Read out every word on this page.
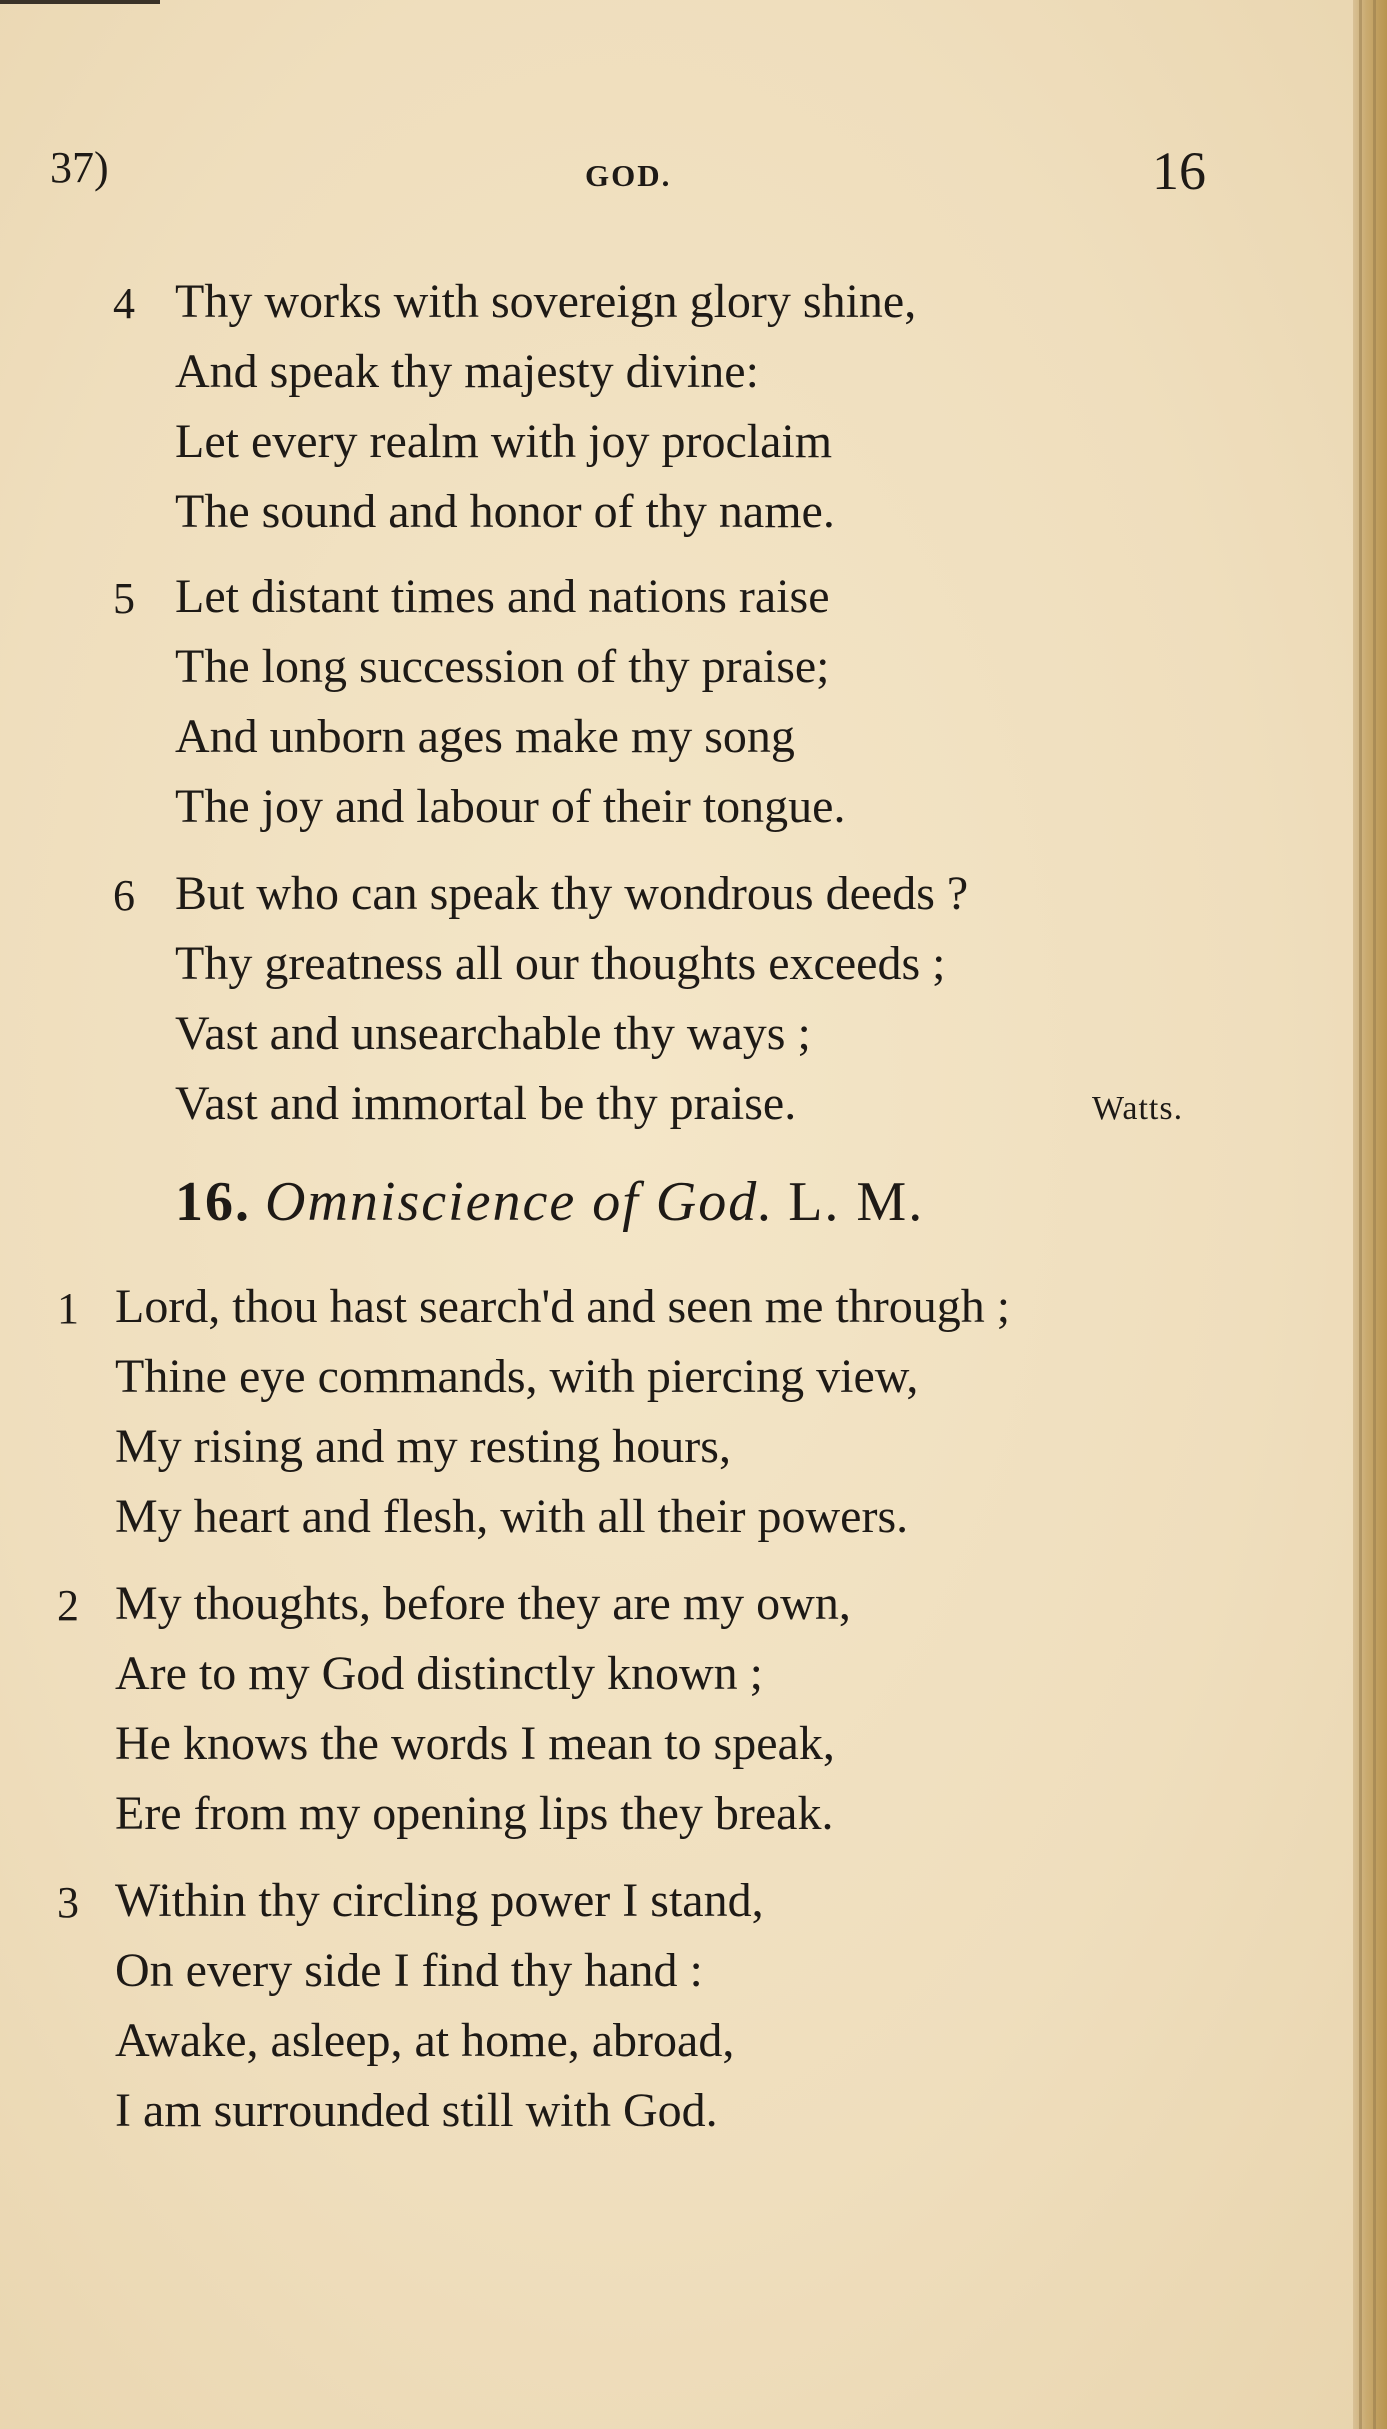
37)	GOD.	16
4 Thy works with sovereign glory shine,
And speak thy majesty divine:
Let every realm with joy proclaim
The sound and honor of thy name.
5 Let distant times and nations raise
The long succession of thy praise;
And unborn ages make my song
The joy and labour of their tongue.
6 But who can speak thy wondrous deeds ?
Thy greatness all our thoughts exceeds ;
Vast and unsearchable thy ways ;
Vast and immortal be thy praise.	Watts.
16. Omniscience of God. L. M.
1 Lord, thou hast search'd and seen me through ;
Thine eye commands, with piercing view,
My rising and my resting hours,
My heart and flesh, with all their powers.
2 My thoughts, before they are my own,
Are to my God distinctly known ;
He knows the words I mean to speak,
Ere from my opening lips they break.
3 Within thy circling power I stand,
On every side I find thy hand :
Awake, asleep, at home, abroad,
I am surrounded still with God.
